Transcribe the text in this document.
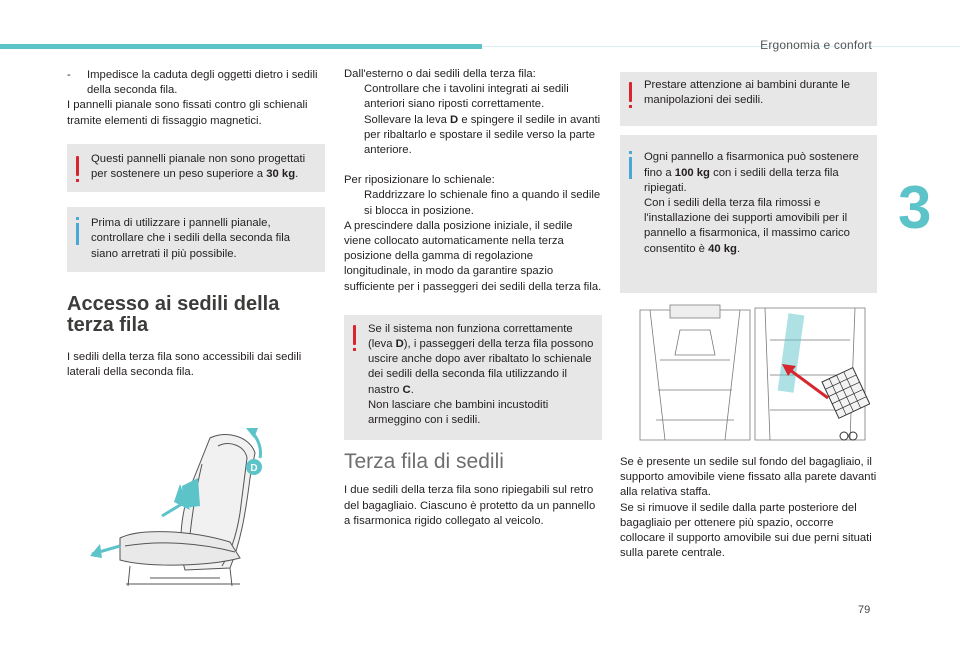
Ergonomia e confort
3
79

-	Impedisce la caduta degli oggetti dietro i sedili della seconda fila.

I pannelli pianale sono fissati contro gli schienali tramite elementi di fissaggio magnetici.

Questi pannelli pianale non sono progettati per sostenere un peso superiore a 30 kg.
Prima di utilizzare i pannelli pianale, controllare che i sedili della seconda fila siano arretrati il più possibile.
Accesso ai sedili della terza fila

I sedili della terza fila sono accessibili dai sedili laterali della seconda fila.

D

Dall'esterno o dai sedili della terza fila:

Controllare che i tavolini integrati ai sedili anteriori siano riposti correttamente.

Sollevare la leva D e spingere il sedile in avanti per ribaltarlo e spostare il sedile verso la parte anteriore.

Per riposizionare lo schienale:

Raddrizzare lo schienale fino a quando il sedile si blocca in posizione.

A prescindere dalla posizione iniziale, il sedile viene collocato automaticamente nella terza posizione della gamma di regolazione longitudinale, in modo da garantire spazio sufficiente per i passeggeri dei sedili della terza fila.

Se il sistema non funziona correttamente (leva D), i passeggeri della terza fila possono uscire anche dopo aver ribaltato lo schienale dei sedili della seconda fila utilizzando il nastro C.
Non lasciare che bambini incustoditi armeggino con i sedili.
Terza fila di sedili

I due sedili della terza fila sono ripiegabili sul retro del bagagliaio. Ciascuno è protetto da un pannello a fisarmonica rigido collegato al veicolo.

Prestare attenzione ai bambini durante le manipolazioni dei sedili.
Ogni pannello a fisarmonica può sostenere fino a 100 kg con i sedili della terza fila ripiegati.
Con i sedili della terza fila rimossi e l'installazione dei supporti amovibili per il pannello a fisarmonica, il massimo carico consentito è 40 kg.

Se è presente un sedile sul fondo del bagagliaio, il supporto amovibile viene fissato alla parete davanti alla relativa staffa.

Se si rimuove il sedile dalla parte posteriore del bagagliaio per ottenere più spazio, occorre collocare il supporto amovibile sui due perni situati sulla parete centrale.
